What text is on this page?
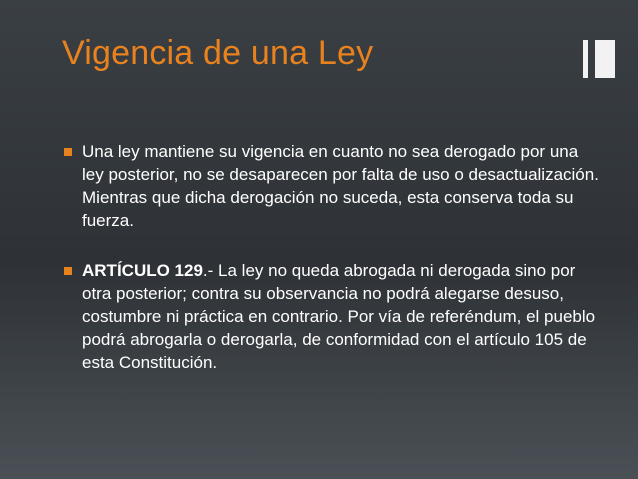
Vigencia de una Ley
Una ley mantiene su vigencia en cuanto no sea derogado por una ley posterior, no se desaparecen por falta de uso o desactualización. Mientras que dicha derogación no suceda, esta conserva toda su fuerza.
ARTÍCULO 129.- La ley no queda abrogada ni derogada sino por otra posterior; contra su observancia no podrá alegarse desuso, costumbre ni práctica en contrario. Por vía de referéndum, el pueblo podrá abrogarla o derogarla, de conformidad con el artículo 105 de esta Constitución.
